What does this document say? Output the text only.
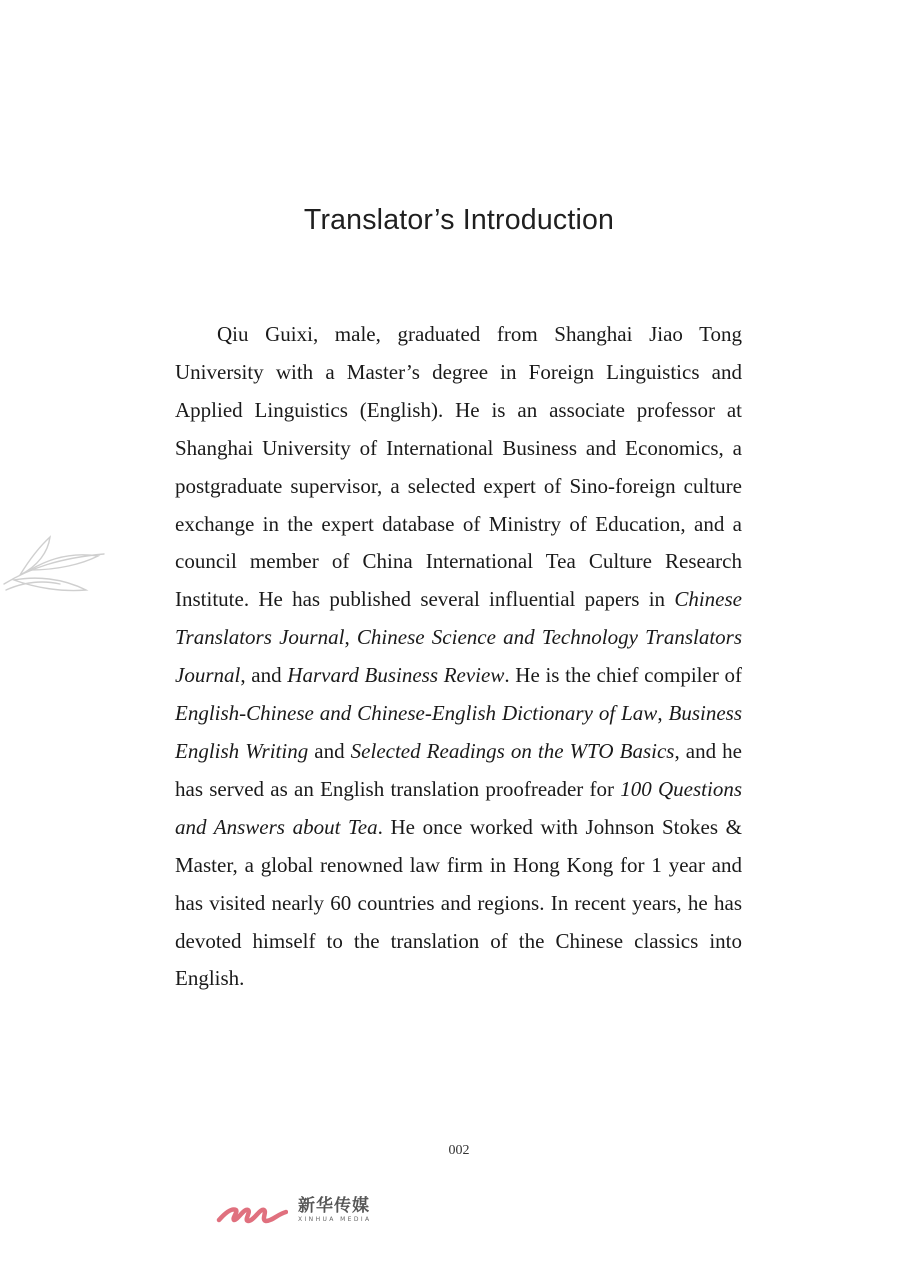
Translator’s Introduction

Qiu Guixi, male, graduated from Shanghai Jiao Tong University with a Master’s degree in Foreign Linguistics and Applied Linguistics (English). He is an associate professor at Shanghai University of International Business and Economics, a postgraduate supervisor, a selected expert of Sino-foreign culture exchange in the expert database of Ministry of Education, and a council member of China International Tea Culture Research Institute. He has published several influential papers in Chinese Translators Journal, Chinese Science and Technology Translators Journal, and Harvard Business Review. He is the chief compiler of English-Chinese and Chinese-English Dictionary of Law, Business English Writing and Selected Readings on the WTO Basics, and he has served as an English translation proofreader for 100 Questions and Answers about Tea. He once worked with Johnson Stokes & Master, a global renowned law firm in Hong Kong for 1 year and has visited nearly 60 countries and regions. In recent years, he has devoted himself to the translation of the Chinese classics into English.

002
新华传媒
XINHUA MEDIA
